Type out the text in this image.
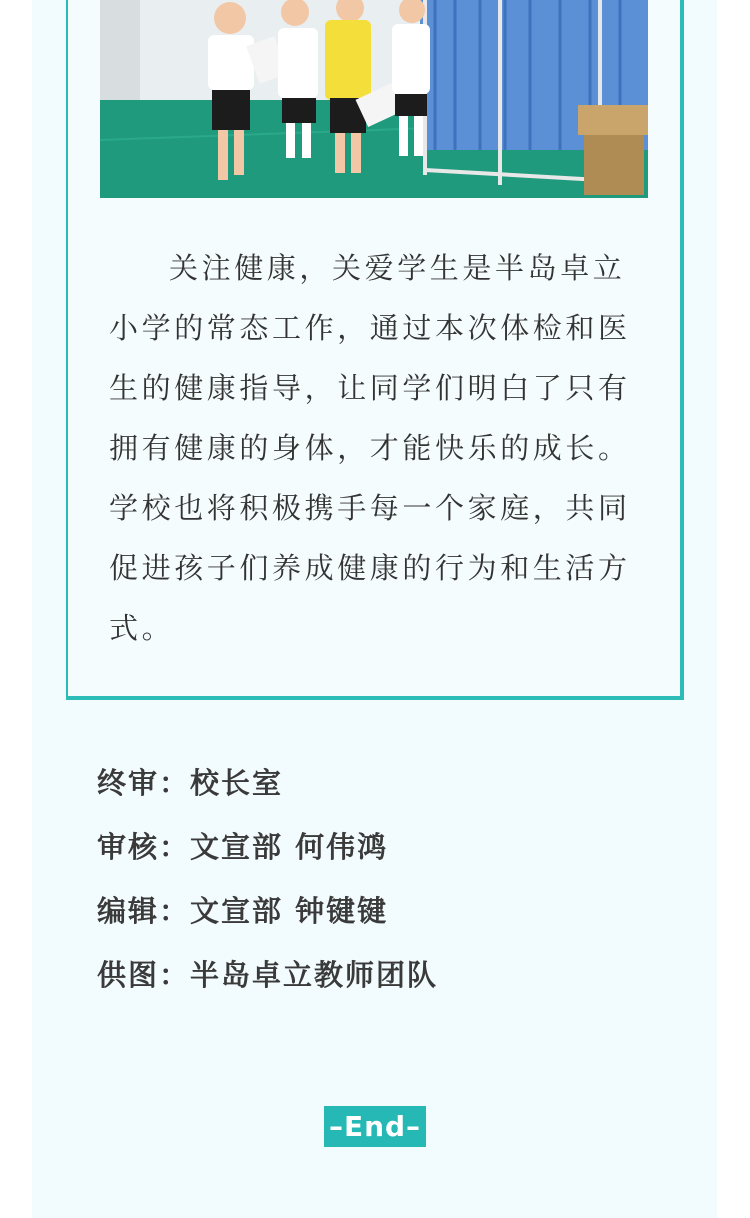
关注健康，关爱学生是半岛卓立小学的常态工作，通过本次体检和医生的健康指导，让同学们明白了只有拥有健康的身体，才能快乐的成长。学校也将积极携手每一个家庭，共同促进孩子们养成健康的行为和生活方式。

终审：校长室
审核：文宣部 何伟鸿
编辑：文宣部 钟键键
供图：半岛卓立教师团队
–End–
